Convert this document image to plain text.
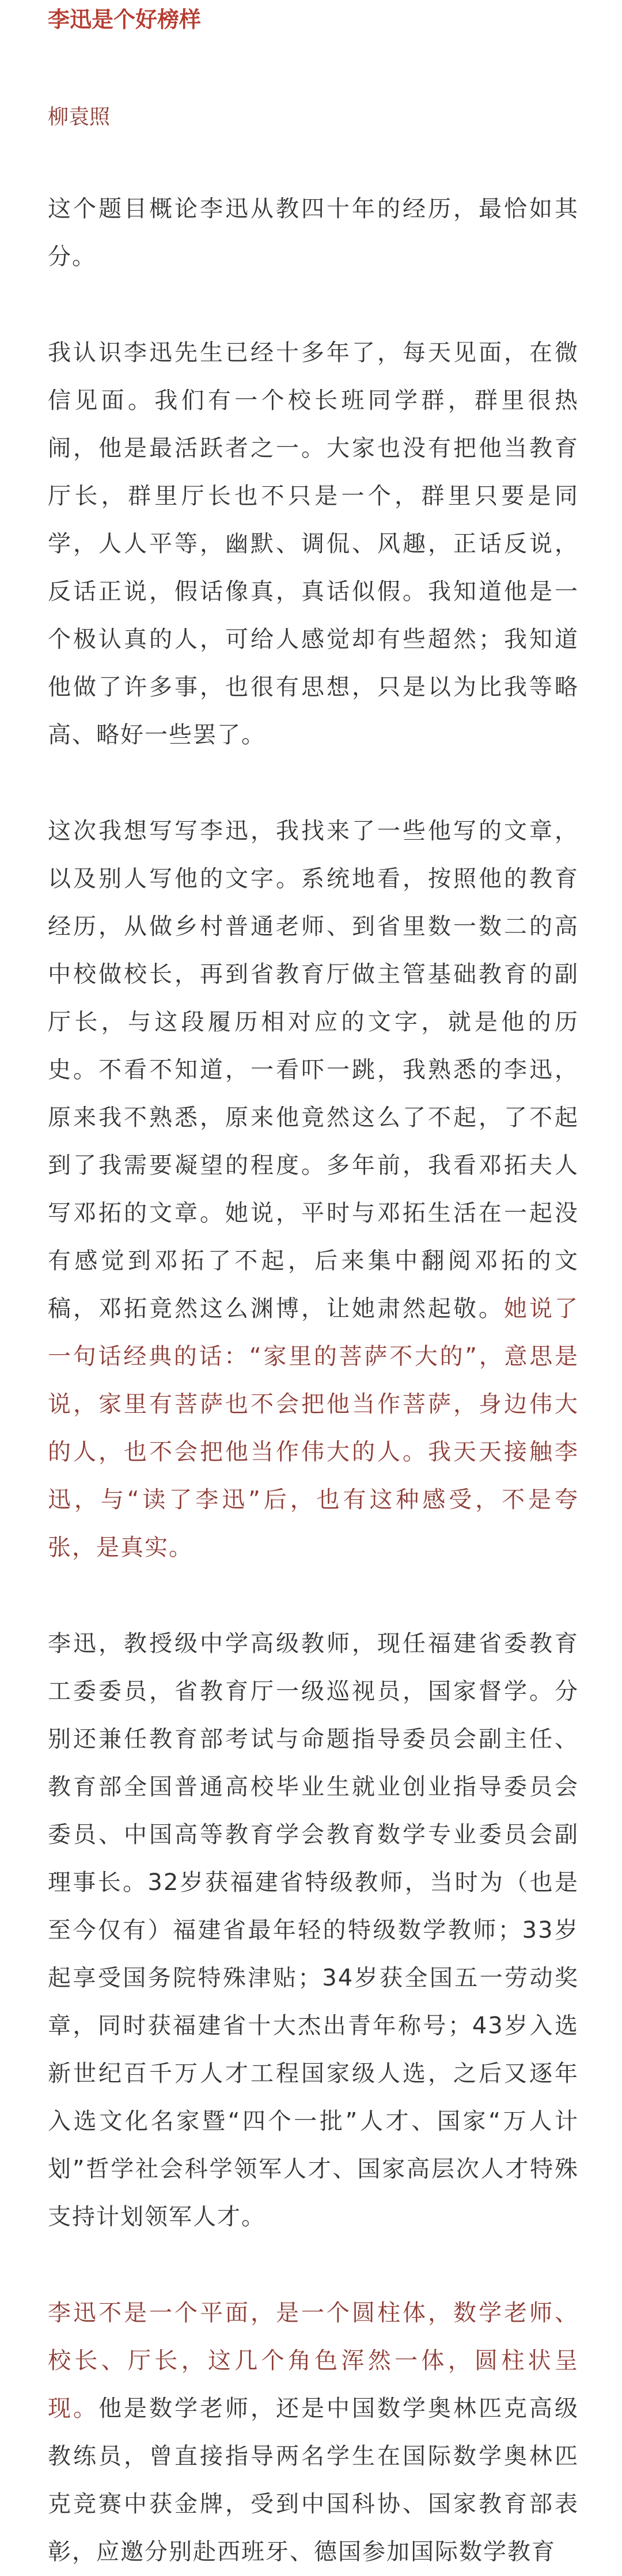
李迅是个好榜样
柳袁照

这个题目概论李迅从教四十年的经历，最恰如其分。

我认识李迅先生已经十多年了，每天见面，在微信见面。我们有一个校长班同学群，群里很热闹，他是最活跃者之一。大家也没有把他当教育厅长，群里厅长也不只是一个，群里只要是同学，人人平等，幽默、调侃、风趣，正话反说，反话正说，假话像真，真话似假。我知道他是一个极认真的人，可给人感觉却有些超然；我知道他做了许多事，也很有思想，只是以为比我等略高、略好一些罢了。

这次我想写写李迅，我找来了一些他写的文章，以及别人写他的文字。系统地看，按照他的教育经历，从做乡村普通老师、到省里数一数二的高中校做校长，再到省教育厅做主管基础教育的副厅长，与这段履历相对应的文字，就是他的历史。不看不知道，一看吓一跳，我熟悉的李迅，原来我不熟悉，原来他竟然这么了不起，了不起到了我需要凝望的程度。多年前，我看邓拓夫人写邓拓的文章。她说，平时与邓拓生活在一起没有感觉到邓拓了不起，后来集中翻阅邓拓的文稿，邓拓竟然这么渊博，让她肃然起敬。她说了一句话经典的话：“家里的菩萨不大的”，意思是说，家里有菩萨也不会把他当作菩萨，身边伟大的人，也不会把他当作伟大的人。我天天接触李迅，与“读了李迅”后，也有这种感受，不是夸张，是真实。

李迅，教授级中学高级教师，现任福建省委教育工委委员，省教育厅一级巡视员，国家督学。分别还兼任教育部考试与命题指导委员会副主任、教育部全国普通高校毕业生就业创业指导委员会委员、中国高等教育学会教育数学专业委员会副理事长。32岁获福建省特级教师，当时为（也是至今仅有）福建省最年轻的特级数学教师；33岁起享受国务院特殊津贴；34岁获全国五一劳动奖章，同时获福建省十大杰出青年称号；43岁入选新世纪百千万人才工程国家级人选，之后又逐年入选文化名家暨“四个一批”人才、国家“万人计划”哲学社会科学领军人才、国家高层次人才特殊支持计划领军人才。

李迅不是一个平面，是一个圆柱体，数学老师、校长、厅长，这几个角色浑然一体，圆柱状呈现。他是数学老师，还是中国数学奥林匹克高级教练员，曾直接指导两名学生在国际数学奥林匹克竞赛中获金牌，受到中国科协、国家教育部表彰，应邀分别赴西班牙、德国参加国际数学教育
